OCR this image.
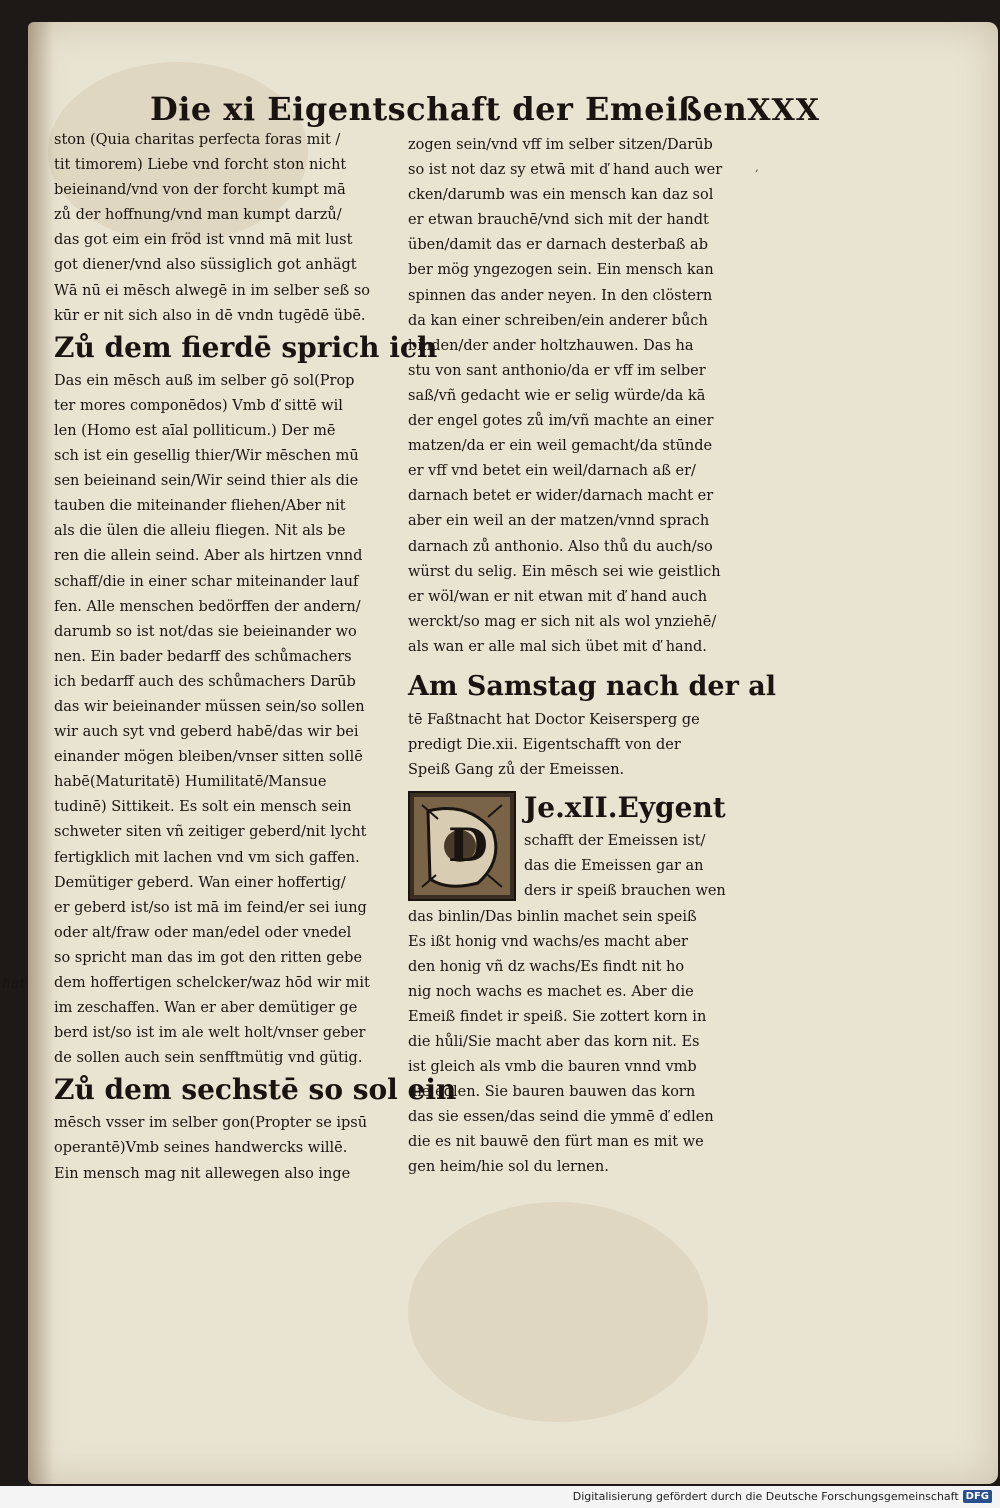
Die xi Eigentschaft der Emeißen XXX
,
hat
ston (Quia charitas perfecta foras mit /
tit timorem) Liebe vnd forcht ston nicht
beieinand/vnd von der forcht kumpt mā
zů der hoffnung/vnd man kumpt darzů/
das got eim ein fröd ist vnnd mā mit lust
got diener/vnd also süssiglich got anhägt
Wā nū ei mēsch alwegē in im selber seß so
kūr er nit sich also in dē vndn tugēdē übē.
Zů dem fierdē sprich ich
Das ein mēsch auß im selber gō sol(Prop
ter mores componēdos) Vmb ď sittē wil
len (Homo est aīal polliticum.) Der mē
sch ist ein gesellig thier/Wir mēschen mū
sen beieinand sein/Wir seind thier als die
tauben die miteinander fliehen/Aber nit
als die ülen die alleiu fliegen. Nit als be
ren die allein seind. Aber als hirtzen vnnd
schaff/die in einer schar miteinander lauf
fen. Alle menschen bedörffen der andern/
darumb so ist not/das sie beieinander wo
nen. Ein bader bedarff des schůmachers
ich bedarff auch des schůmachers Darūb
das wir beieinander müssen sein/so sollen
wir auch syt vnd geberd habē/das wir bei
einander mögen bleiben/vnser sitten sollē
habē(Maturitatē) Humilitatē/Mansue
tudinē) Sittikeit. Es solt ein mensch sein
schweter siten vñ zeitiger geberd/nit lycht
fertigklich mit lachen vnd vm sich gaffen.
Demütiger geberd. Wan einer hoffertig/
er geberd ist/so ist mā im feind/er sei iung
oder alt/fraw oder man/edel oder vnedel
so spricht man das im got den ritten gebe
dem hoffertigen schelcker/waz hōd wir mit
im zeschaffen. Wan er aber demütiger ge
berd ist/so ist im ale welt holt/vnser geber
de sollen auch sein senfftmütig vnd gütig.
Zů dem sechstē so sol ein
mēsch vsser im selber gon(Propter se ipsū
operantē)Vmb seines handwercks willē.
Ein mensch mag nit allewegen also inge
zogen sein/vnd vff im selber sitzen/Darūb
so ist not daz sy etwā mit ď hand auch wer
cken/darumb was ein mensch kan daz sol
er etwan brauchē/vnd sich mit der handt
üben/damit das er darnach desterbaß ab
ber mög yngezogen sein. Ein mensch kan
spinnen das ander neyen. In den clöstern
da kan einer schreiben/ein anderer bůch
binden/der ander holtzhauwen. Das ha
stu von sant anthonio/da er vff im selber
saß/vñ gedacht wie er selig würde/da kā
der engel gotes zů im/vñ machte an einer
matzen/da er ein weil gemacht/da stūnde
er vff vnd betet ein weil/darnach aß er/
darnach betet er wider/darnach macht er
aber ein weil an der matzen/vnnd sprach
darnach zů anthonio. Also thů du auch/so
würst du selig. Ein mēsch sei wie geistlich
er wöl/wan er nit etwan mit ď hand auch
werckt/so mag er sich nit als wol ynziehē/
als wan er alle mal sich übet mit ď hand.
Am Samstag nach der al
tē Faßtnacht hat Doctor Keisersperg ge
predigt Die.xii. Eigentschafft von der
Speiß Gang zů der Emeissen.
D
Je.xII.Eygent
schafft der Emeissen ist/
das die Emeissen gar an
ders ir speiß brauchen wen
das binlin/Das binlin machet sein speiß
Es ißt honig vnd wachs/es macht aber
den honig vñ dz wachs/Es findt nit ho
nig noch wachs es machet es. Aber die
Emeiß findet ir speiß. Sie zottert korn in
die hůli/Sie macht aber das korn nit. Es
ist gleich als vmb die bauren vnnd vmb
die edlen. Sie bauren bauwen das korn
das sie essen/das seind die ymmē ď edlen
die es nit bauwē den fürt man es mit we
gen heim/hie sol du lernen.
Digitalisierung gefördert durch die Deutsche Forschungsgemeinschaft DFG
